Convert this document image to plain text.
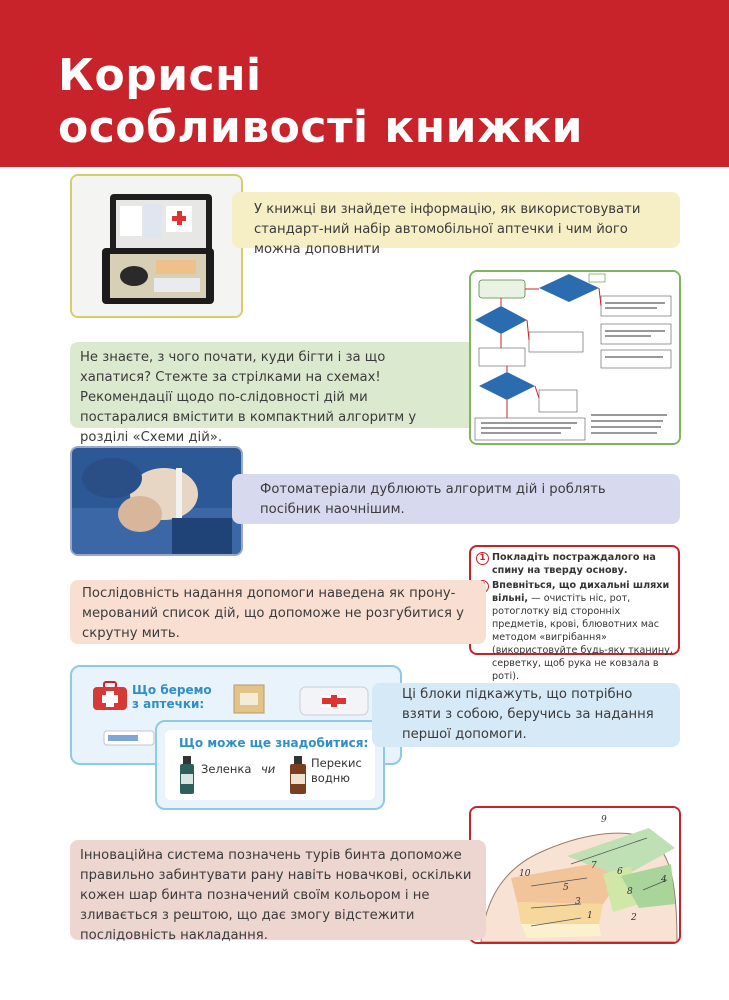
Корисні
особливості книжки
У книжці ви знайдете інформацію, як використовувати стандарт-ний набір автомобільної аптечки і чим його можна доповнити
Не знаєте, з чого почати, куди бігти і за що хапатися? Стежте за стрілками на схемах! Рекомендації щодо по-слідовності дій ми постаралися вмістити в компактний алгоритм у розділі «Схеми дій».
Фотоматеріали дублюють алгоритм дій і роблять посібник наочнішим.
1 Покладіть постраждалого на спину на тверду основу.
Впевніться, що дихальні шляхи вільні, — очистіть ніс, рот, ротоглотку від сторонніх предметів, крові, блювотних мас методом «вигрібання» (використовуйте будь-яку тканину, серветку, щоб рука не ковзала в роті).
Послідовність надання допомоги наведена як прону-мерований список дій, що допоможе не розгубитися у скрутну мить.
Що беремо
з аптечки:
Що може ще знадобитися:
Зеленка чи	Перекис
водню
Ці блоки підкажуть, що потрібно взяти з собою, беручись за надання першої допомоги.
1	2
3
4
5
6
7
8
9
10
Інноваційна система позначень турів бинта допоможе правильно забинтувати рану навіть новачкові, оскільки кожен шар бинта позначений своїм кольором і не зливається з рештою, що дає змогу відстежити послідовність накладання.
